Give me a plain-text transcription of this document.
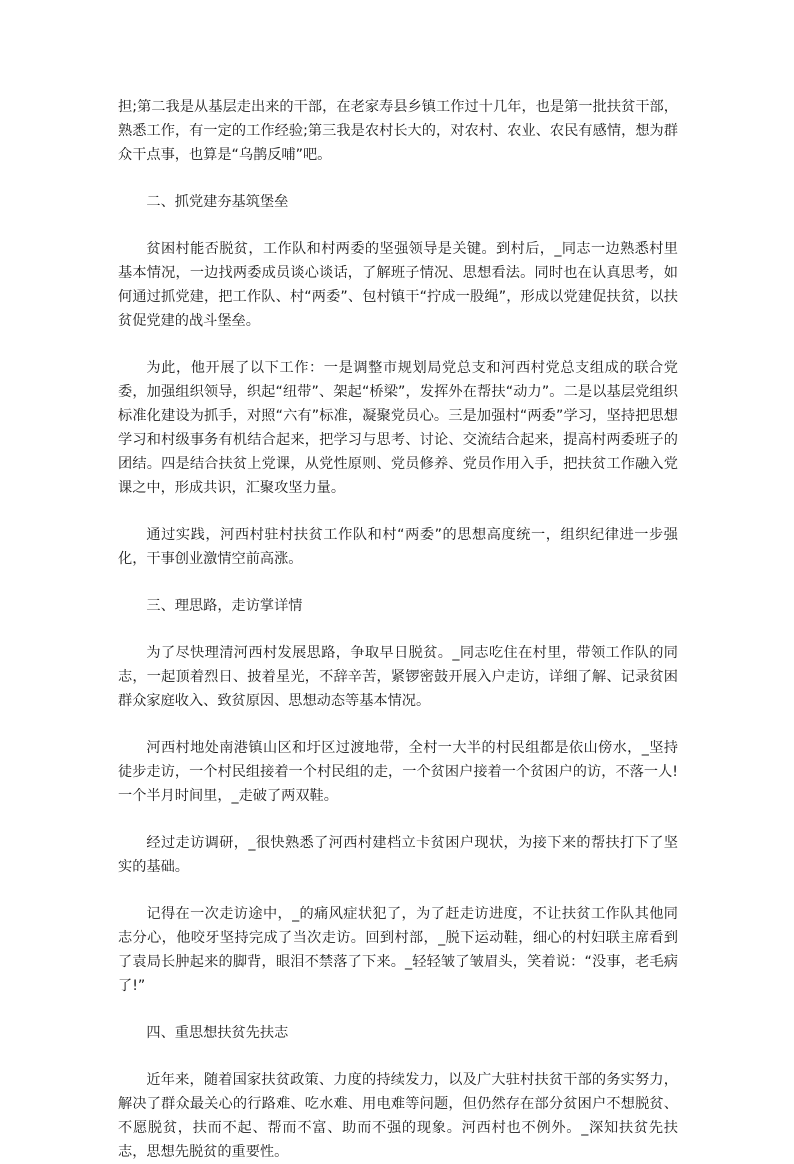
担;第二我是从基层走出来的干部，在老家寿县乡镇工作过十几年，也是第一批扶贫干部，熟悉工作，有一定的工作经验;第三我是农村长大的，对农村、农业、农民有感情，想为群众干点事，也算是“乌鹊反哺”吧。

二、抓党建夯基筑堡垒

贫困村能否脱贫，工作队和村两委的坚强领导是关键。到村后，_同志一边熟悉村里基本情况，一边找两委成员谈心谈话，了解班子情况、思想看法。同时也在认真思考，如何通过抓党建，把工作队、村“两委”、包村镇干“拧成一股绳”，形成以党建促扶贫，以扶贫促党建的战斗堡垒。

为此，他开展了以下工作：一是调整市规划局党总支和河西村党总支组成的联合党委，加强组织领导，织起“纽带”、架起“桥梁”，发挥外在帮扶“动力”。二是以基层党组织标准化建设为抓手，对照“六有”标准，凝聚党员心。三是加强村“两委”学习，坚持把思想学习和村级事务有机结合起来，把学习与思考、讨论、交流结合起来，提高村两委班子的团结。四是结合扶贫上党课，从党性原则、党员修养、党员作用入手，把扶贫工作融入党课之中，形成共识，汇聚攻坚力量。

通过实践，河西村驻村扶贫工作队和村“两委”的思想高度统一，组织纪律进一步强化，干事创业激情空前高涨。

三、理思路，走访掌详情

为了尽快理清河西村发展思路，争取早日脱贫。_同志吃住在村里，带领工作队的同志，一起顶着烈日、披着星光，不辞辛苦，紧锣密鼓开展入户走访，详细了解、记录贫困群众家庭收入、致贫原因、思想动态等基本情况。

河西村地处南港镇山区和圩区过渡地带，全村一大半的村民组都是依山傍水，_坚持徒步走访，一个村民组接着一个村民组的走，一个贫困户接着一个贫困户的访，不落一人!一个半月时间里，_走破了两双鞋。

经过走访调研，_很快熟悉了河西村建档立卡贫困户现状，为接下来的帮扶打下了坚实的基础。

记得在一次走访途中，_的痛风症状犯了，为了赶走访进度，不让扶贫工作队其他同志分心，他咬牙坚持完成了当次走访。回到村部，_脱下运动鞋，细心的村妇联主席看到了袁局长肿起来的脚背，眼泪不禁落了下来。_轻轻皱了皱眉头，笑着说：“没事，老毛病了!”

四、重思想扶贫先扶志

近年来，随着国家扶贫政策、力度的持续发力，以及广大驻村扶贫干部的务实努力，解决了群众最关心的行路难、吃水难、用电难等问题，但仍然存在部分贫困户不想脱贫、不愿脱贫，扶而不起、帮而不富、助而不强的现象。河西村也不例外。_深知扶贫先扶志，思想先脱贫的重要性。
